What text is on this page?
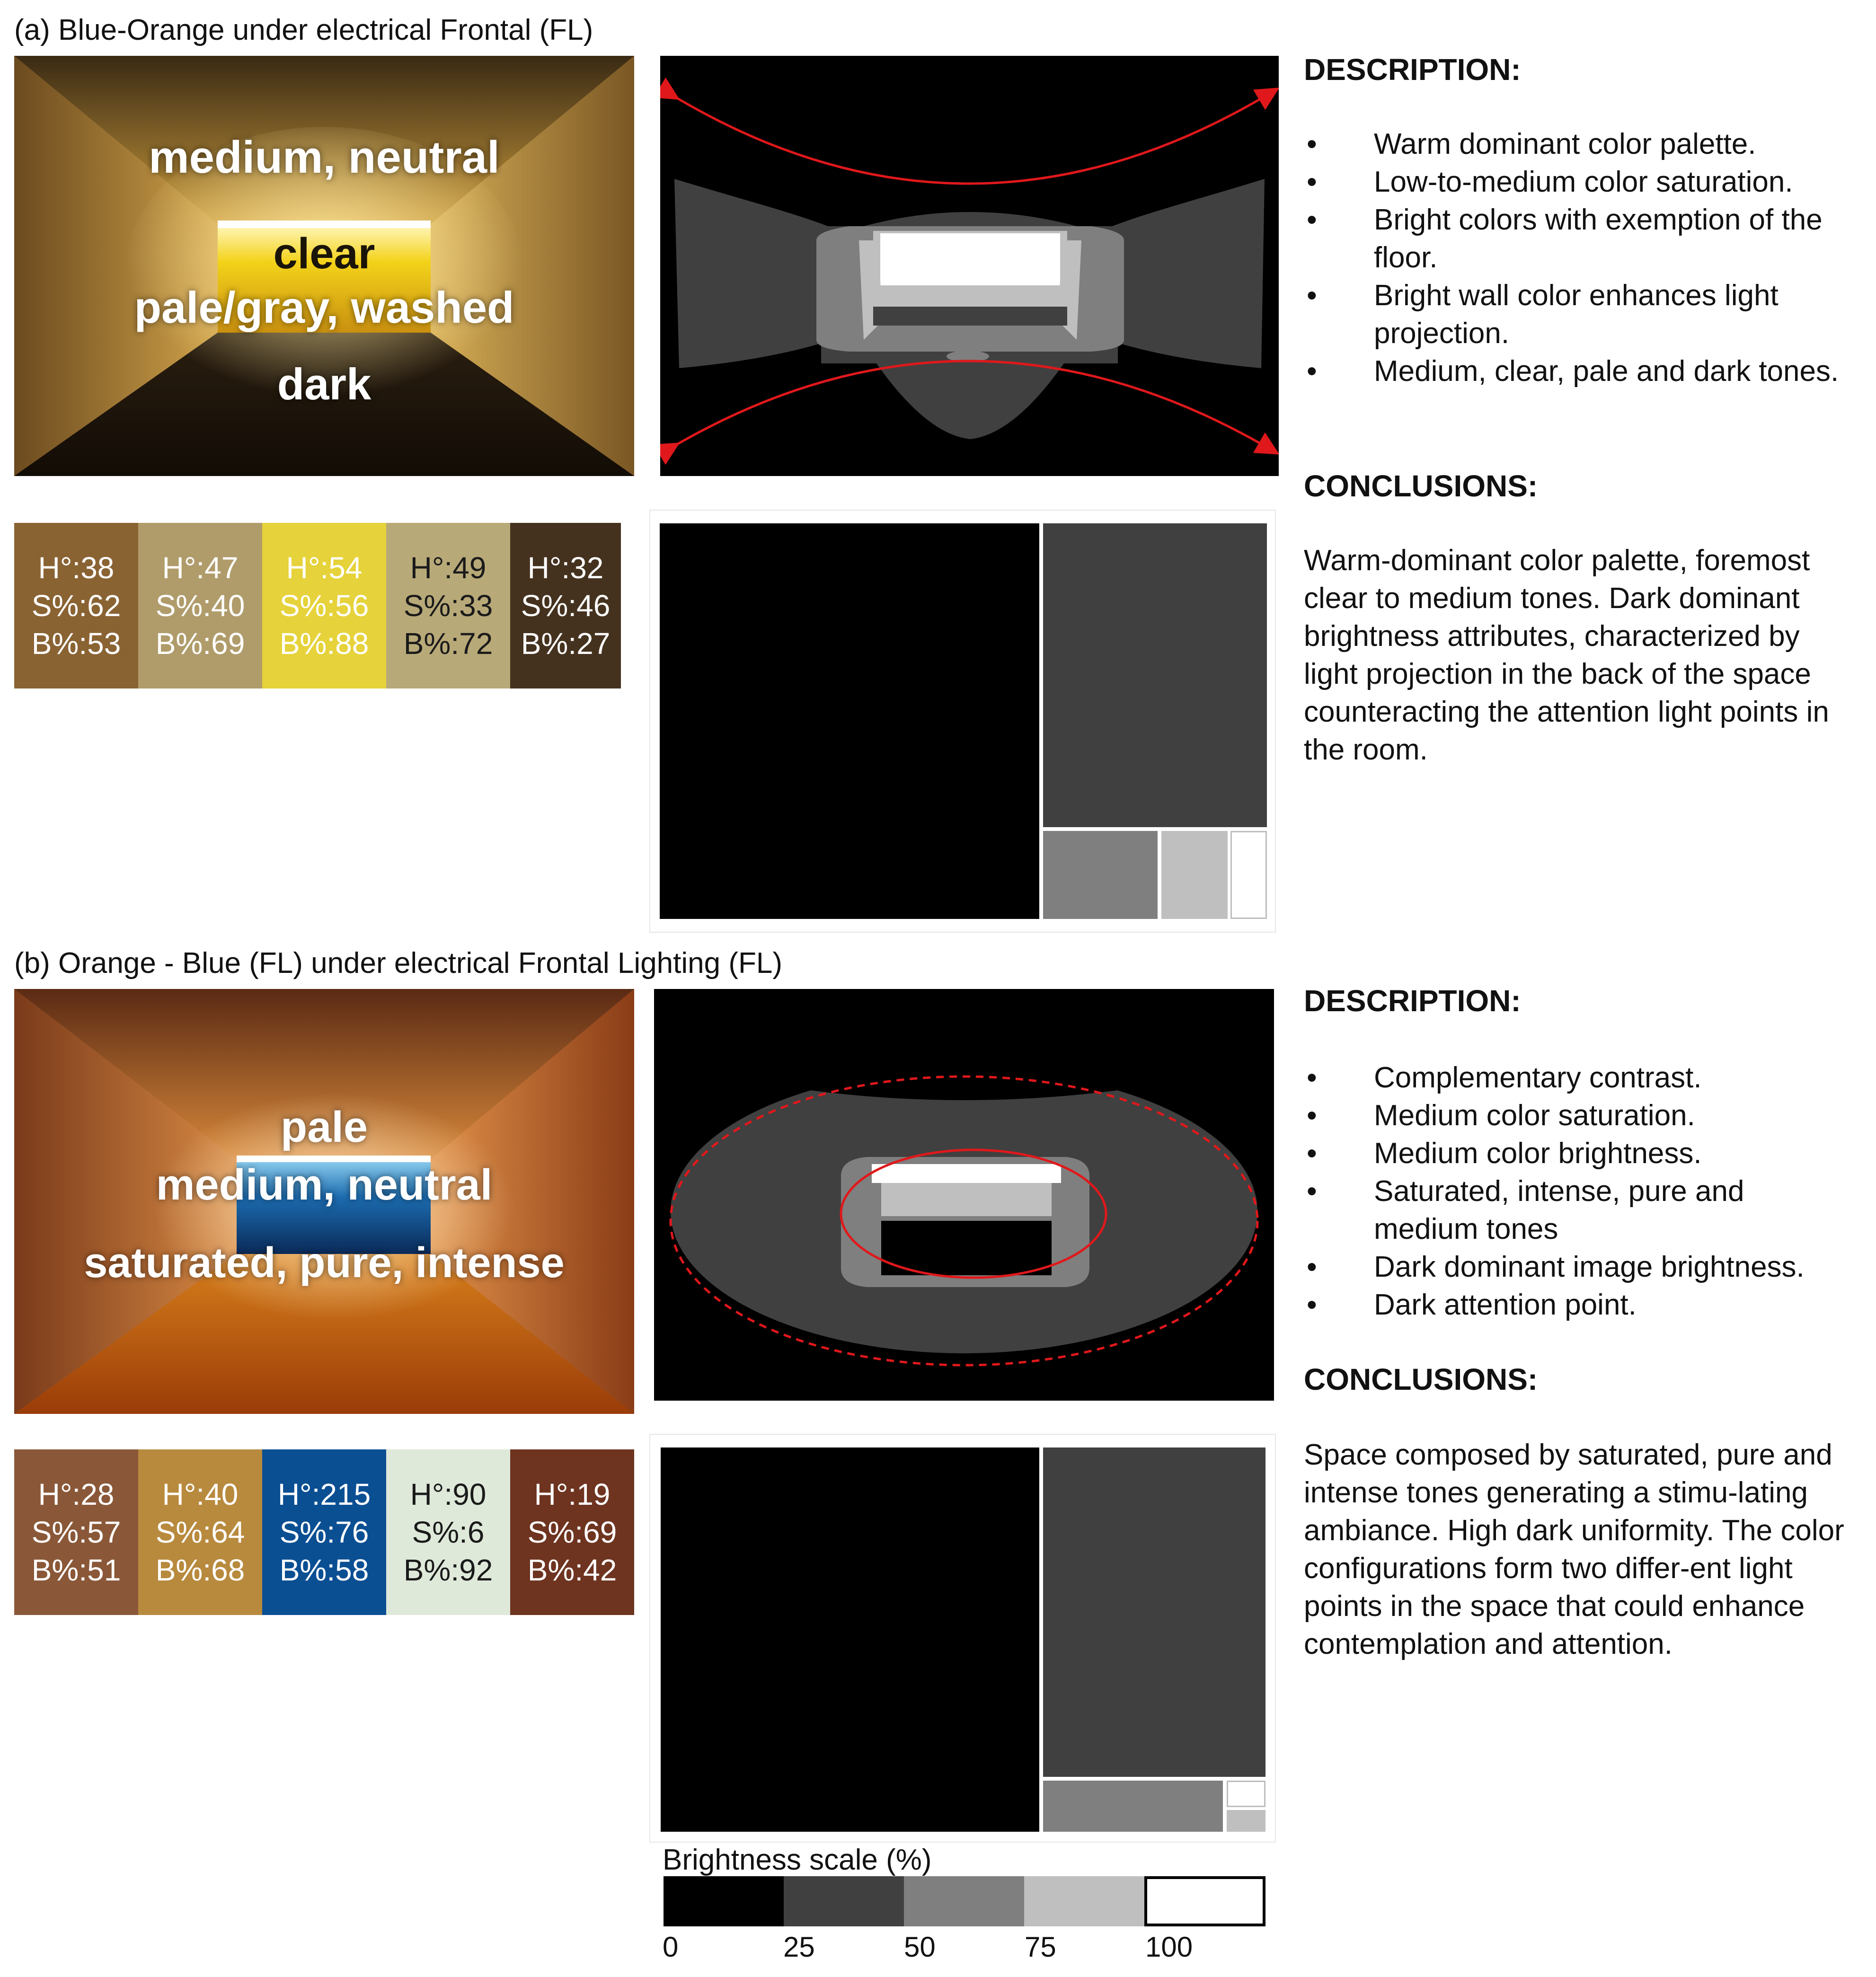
(a) Blue-Orange under electrical Frontal (FL)
medium, neutral
clear
pale/gray, washed
dark
H°:38
S%:62
B%:53
H°:47
S%:40
B%:69
H°:54
S%:56
B%:88
H°:49
S%:33
B%:72
H°:32
S%:46
B%:27
DESCRIPTION:
• Warm dominant color palette.
• Low-to-medium color saturation.
• Bright colors with exemption of the floor.
• Bright wall color enhances light projection.
• Medium, clear, pale and dark tones.
CONCLUSIONS:
Warm-dominant color palette, foremost clear to medium tones. Dark dominant brightness attributes, characterized by light projection in the back of the space counteracting the attention light points in the room.
(b) Orange - Blue (FL) under electrical Frontal Lighting (FL)
pale
medium, neutral
saturated, pure, intense
H°:28
S%:57
B%:51
H°:40
S%:64
B%:68
H°:215
S%:76
B%:58
H°:90
S%:6
B%:92
H°:19
S%:69
B%:42
DESCRIPTION:
• Complementary contrast.
• Medium color saturation.
• Medium color brightness.
• Saturated, intense, pure and medium tones
• Dark dominant image brightness.
• Dark attention point.
CONCLUSIONS:
Space composed by saturated, pure and intense tones generating a stimu-lating ambiance. High dark uniformity. The color configurations form two differ-ent light points in the space that could enhance contemplation and attention.
Brightness scale (%)
0	25	50	75	100
